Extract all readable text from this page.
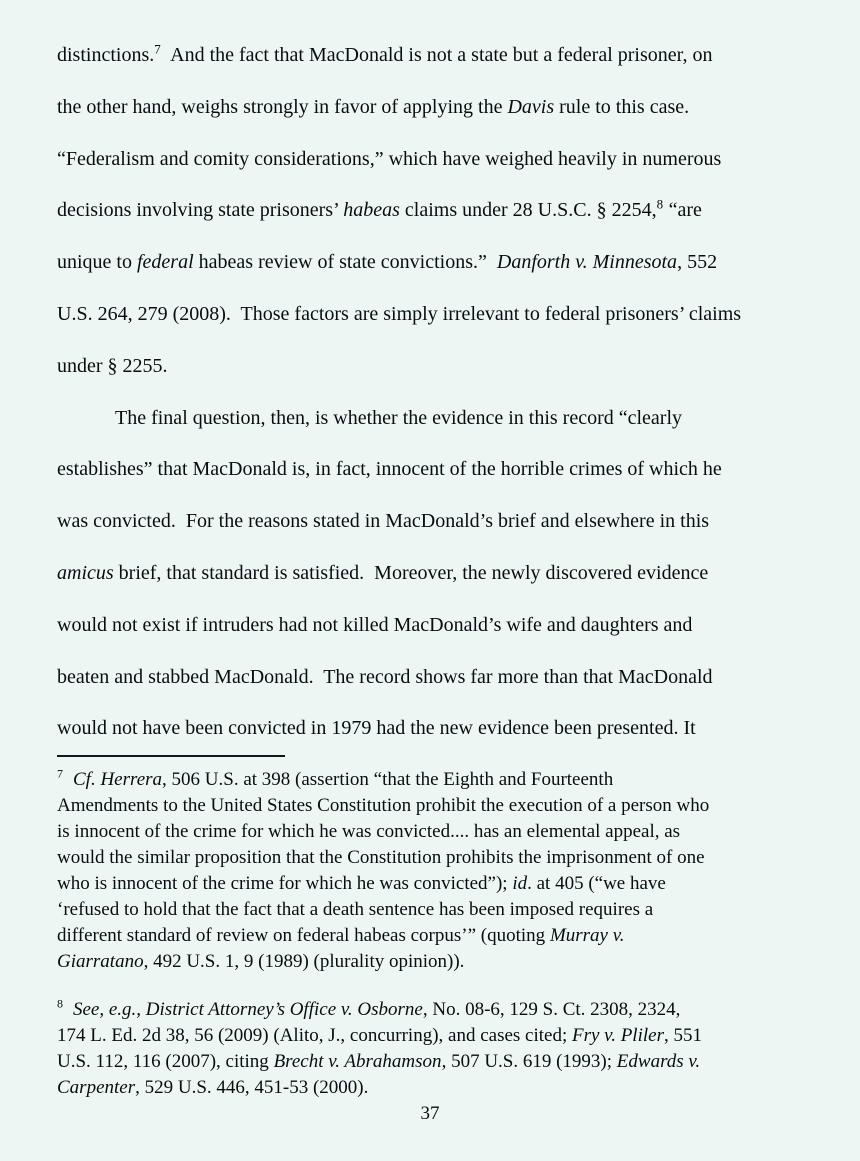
distinctions.$^7$  And the fact that MacDonald is not a state but a federal prisoner, on
the other hand, weighs strongly in favor of applying the Davis rule to this case.
“Federalism and comity considerations,” which have weighed heavily in numerous
decisions involving state prisoners’ habeas claims under 28 U.S.C. § 2254,$^8$ “are
unique to federal habeas review of state convictions.”  Danforth v. Minnesota, 552
U.S. 264, 279 (2008).  Those factors are simply irrelevant to federal prisoners’ claims
under § 2255.
The final question, then, is whether the evidence in this record “clearly
establishes” that MacDonald is, in fact, innocent of the horrible crimes of which he
was convicted.  For the reasons stated in MacDonald’s brief and elsewhere in this
amicus brief, that standard is satisfied.  Moreover, the newly discovered evidence
would not exist if intruders had not killed MacDonald’s wife and daughters and
beaten and stabbed MacDonald.  The record shows far more than that MacDonald
would not have been convicted in 1979 had the new evidence been presented. It
$^7$ Cf. Herrera, 506 U.S. at 398 (assertion “that the Eighth and Fourteenth
Amendments to the United States Constitution prohibit the execution of a person who
is innocent of the crime for which he was convicted.... has an elemental appeal, as
would the similar proposition that the Constitution prohibits the imprisonment of one
who is innocent of the crime for which he was convicted”); id. at 405 (“we have
‘refused to hold that the fact that a death sentence has been imposed requires a
different standard of review on federal habeas corpus’” (quoting Murray v.
Giarratano, 492 U.S. 1, 9 (1989) (plurality opinion)).
$^8$ See, e.g., District Attorney’s Office v. Osborne, No. 08-6, 129 S. Ct. 2308, 2324,
174 L. Ed. 2d 38, 56 (2009) (Alito, J., concurring), and cases cited; Fry v. Pliler, 551
U.S. 112, 116 (2007), citing Brecht v. Abrahamson, 507 U.S. 619 (1993); Edwards v.
Carpenter, 529 U.S. 446, 451-53 (2000).
37
